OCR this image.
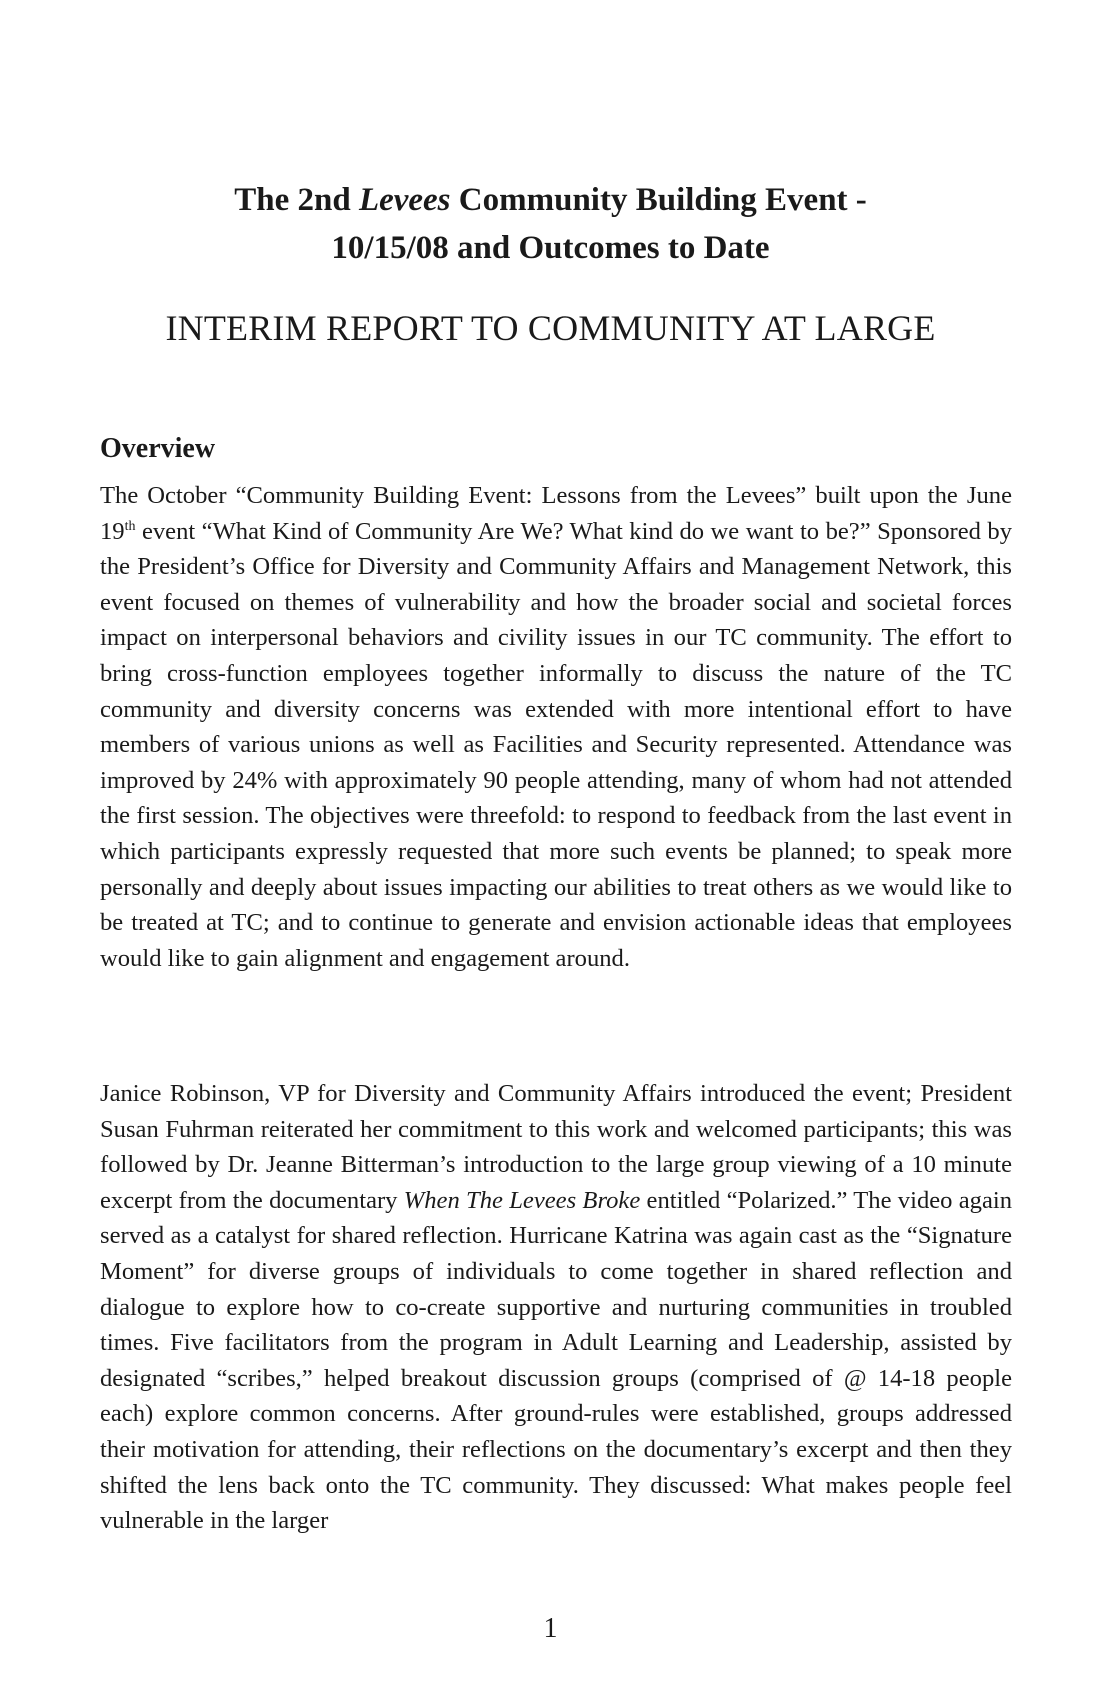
The 2nd Levees Community Building Event -
10/15/08 and Outcomes to Date
INTERIM REPORT TO COMMUNITY AT LARGE
Overview

The October “Community Building Event: Lessons from the Levees” built upon the June 19th event “What Kind of Community Are We? What kind do we want to be?” Sponsored by the President’s Office for Diversity and Community Affairs and Management Network, this event focused on themes of vulnerability and how the broader social and societal forces impact on interpersonal behaviors and civility issues in our TC community. The effort to bring cross-function employees together informally to discuss the nature of the TC community and diversity concerns was extended with more intentional effort to have members of various unions as well as Facilities and Security represented. Attendance was improved by 24% with approximately 90 people attending, many of whom had not attended the first session. The objectives were threefold: to respond to feedback from the last event in which participants expressly requested that more such events be planned; to speak more personally and deeply about issues impacting our abilities to treat others as we would like to be treated at TC; and to continue to generate and envision actionable ideas that employees would like to gain alignment and engagement around.

Janice Robinson, VP for Diversity and Community Affairs introduced the event; President Susan Fuhrman reiterated her commitment to this work and welcomed participants; this was followed by Dr. Jeanne Bitterman’s introduction to the large group viewing of a 10 minute excerpt from the documentary When The Levees Broke entitled “Polarized.” The video again served as a catalyst for shared reflection. Hurricane Katrina was again cast as the “Signature Moment” for diverse groups of individuals to come together in shared reflection and dialogue to explore how to co-create supportive and nurturing communities in troubled times. Five facilitators from the program in Adult Learning and Leadership, assisted by designated “scribes,” helped breakout discussion groups (comprised of @ 14-18 people each) explore common concerns. After ground-rules were established, groups addressed their motivation for attending, their reflections on the documentary’s excerpt and then they shifted the lens back onto the TC community. They discussed: What makes people feel vulnerable in the larger

1
